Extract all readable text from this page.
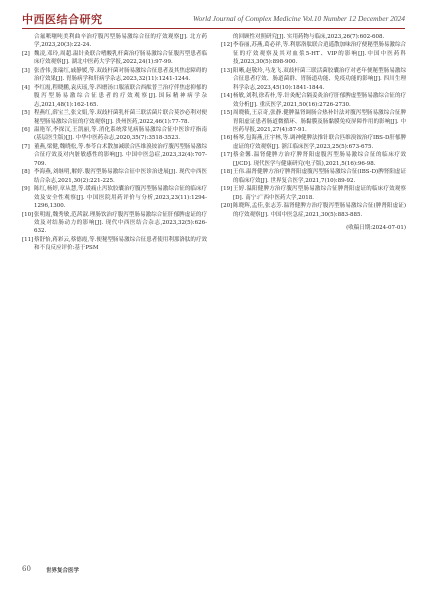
中西医结合研究	World Journal of Complex Medicine Vol.10 Number 12 December 2024
合氟哌噻吨美利曲辛治疗腹泻型肠易激综合征的疗效观察[J]. 北方药学,2023,20(3):22-24.
[2] 魏凌,邓玲,周超.温针灸联合嗜酸乳杆菌治疗肠易激综合征腹泻型患者临床疗效观察[J]. 湖北中医药大学学报,2022,24(1):97-99.
[3] 张香伟,张瑞红,戚静媛,等.双歧杆菌对肠易激综合征患者及其焦虑障碍的治疗效果[J]. 胃肠病学和肝病学杂志,2023,32(11):1241-1244.
[4] 李红霞,程晓鹏,袁庆瑶,等.四磨汤口服液联合西酞普兰治疗伴焦虑抑郁的腹泻型肠易激综合征患者的疗效观察[J].国际精神病学杂志,2021,48(1):162-165.
[5] 程燕红,薛宝兰,张文娟,等.双歧杆菌乳杆菌三联活菌片联合莫沙必利对便秘型肠易激综合征的疗效观察[J]. 贵州医药,2022,46(1):77-78.
[6] 温艳军,李探汉,王凯丽,等.消化系统常见病肠易激综合征中医诊疗指南(基层医生版)[J]. 中华中医药杂志,2020,35(7):3518-3523.
[7] 董燕,梁健,魏晓松,等.参苓白术散加减联合匹维溴铵治疗腹泻型肠易激综合征疗效及对内脏敏感性的影响[J]. 中国中医急症,2023,32(4):707-709.
[8] 李海燕,刘继明,解婷.腹泻型肠易激综合征中医诊治进展[J]. 现代中西医结合杂志,2021,30(2):221-225.
[9] 陈红,杨婷,章从慧,等.缓痛止泻软胶囊治疗腹泻型肠易激综合征的临床疗效及安全性观察[J]. 中国医院用药评价与分析,2023,23(11):1294-1296,1300.
[10] 张明霞,魏秀敏,范茜淑.理肠饮治疗腹泻型肠易激综合征肝郁脾虚证的疗效及对结肠动力的影响[J]. 现代中西医结合杂志,2023,32(5):626-632.
[11] 蔡舒怡,蒋彩云,蔡德霞,等.便秘型肠易激综合征患者使用利那洛肽的疗效和不良反应评价:基于PSM
的回顾性对照研究[J]. 实用药物与临床,2023,26(7):602-608.
[12] 李春丽,苏燕,葛必祥,等.利那洛肽联合逍遥散加味治疗便秘型肠易激综合征的疗效观察及其对血浆5-HT、VIP的影响[J].中国中医药科技,2023,30(5):898-900.
[13] 阳晰,赵敬玲,马龙飞.双歧杆菌三联活菌胶囊治疗对老年便秘型肠易激综合征患者疗效、肠道菌群、胃肠道功能、免疫功能的影响[J]. 四川生理科学杂志,2023,45(10):1841-1844.
[14] 杨敏,刘利,徐若朴,等.针灸配合隔姜灸治疗肝郁脾虚型肠易激综合征的疗效分析[J]. 重庆医学,2021,50(16):2726-2730.
[15] 周晓筱,王京奇,张静.健脾温肾调肠合热补针法对腹泻型肠易激综合征脾胃阳虚证患者肠道微循环、肠黏膜及肠黏膜免疫屏障作用的影响[J]. 中医药导报,2021,27(4):87-91.
[16] 杨琴,包海燕,汪宇林,等.调神健脾法推针联合匹维溴铵治疗IBS-D肝郁脾虚证的疗效观察[J]. 浙江临床医学,2023,25(5):673-675.
[17] 蔡金馨.温肾健脾方治疗脾肾阳虚腹泻型肠易激综合征的临床疗效[J/CD]. 现代医学与健康研究(电子版),2021,5(16):96-98.
[18] 王伟.温肾健脾方治疗脾肾阳虚腹泻型肠易激综合征(IBS-D)脾肾阳虚证的临床疗效[J]. 世界复合医学,2021,7(10):89-92.
[19] 王婷.温阳健脾方治疗腹泻型肠易激综合征脾肾阳虚证的临床疗效观察[D]. 南宁:广西中医药大学,2018.
[20] 陈晓辉,孟佳,张志芳.温肾健脾方治疗腹泻型肠易激综合征(脾肾阳虚证)的疗效观察[J]. 中国中医急症,2021,30(5):883-885.
(收稿日期:2024-07-01)
60	世界复合医学
